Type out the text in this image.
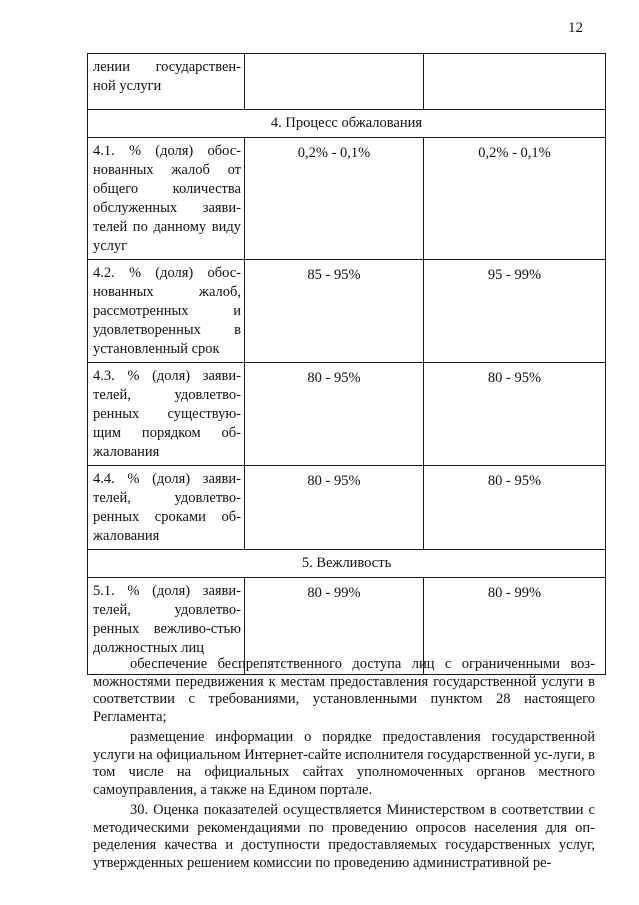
12
лении государствен-ной услуги		
4. Процесс обжалования		
4.1. % (доля) обос-нованных жалоб от общего количества обслуженных заяви-телей по данному виду услуг	0,2% - 0,1%	0,2% - 0,1%
4.2. % (доля) обос-нованных жалоб, рассмотренных и удовлетворенных в установленный срок	85 - 95%	95 - 99%
4.3. % (доля) заяви-телей, удовлетво-ренных существую-щим порядком об-жалования	80 - 95%	80 - 95%
4.4. % (доля) заяви-телей, удовлетво-ренных сроками об-жалования	80 - 95%	80 - 95%
5. Вежливость		
5.1. % (доля) заяви-телей, удовлетво-ренных вежливо-стью должностных лиц	80 - 99%	80 - 99%

обеспечение беспрепятственного доступа лиц с ограниченными воз-можностями передвижения к местам предоставления государственной услуги в соответствии с требованиями, установленными пунктом 28 настоящего Регламента;

размещение информации о порядке предоставления государственной услуги на официальном Интернет-сайте исполнителя государственной ус-луги, в том числе на официальных сайтах уполномоченных органов местного самоуправления, а также на Едином портале.

30. Оценка показателей осуществляется Министерством в соответствии с методическими рекомендациями по проведению опросов населения для оп-ределения качества и доступности предоставляемых государственных услуг, утвержденных решением комиссии по проведению административной ре-
